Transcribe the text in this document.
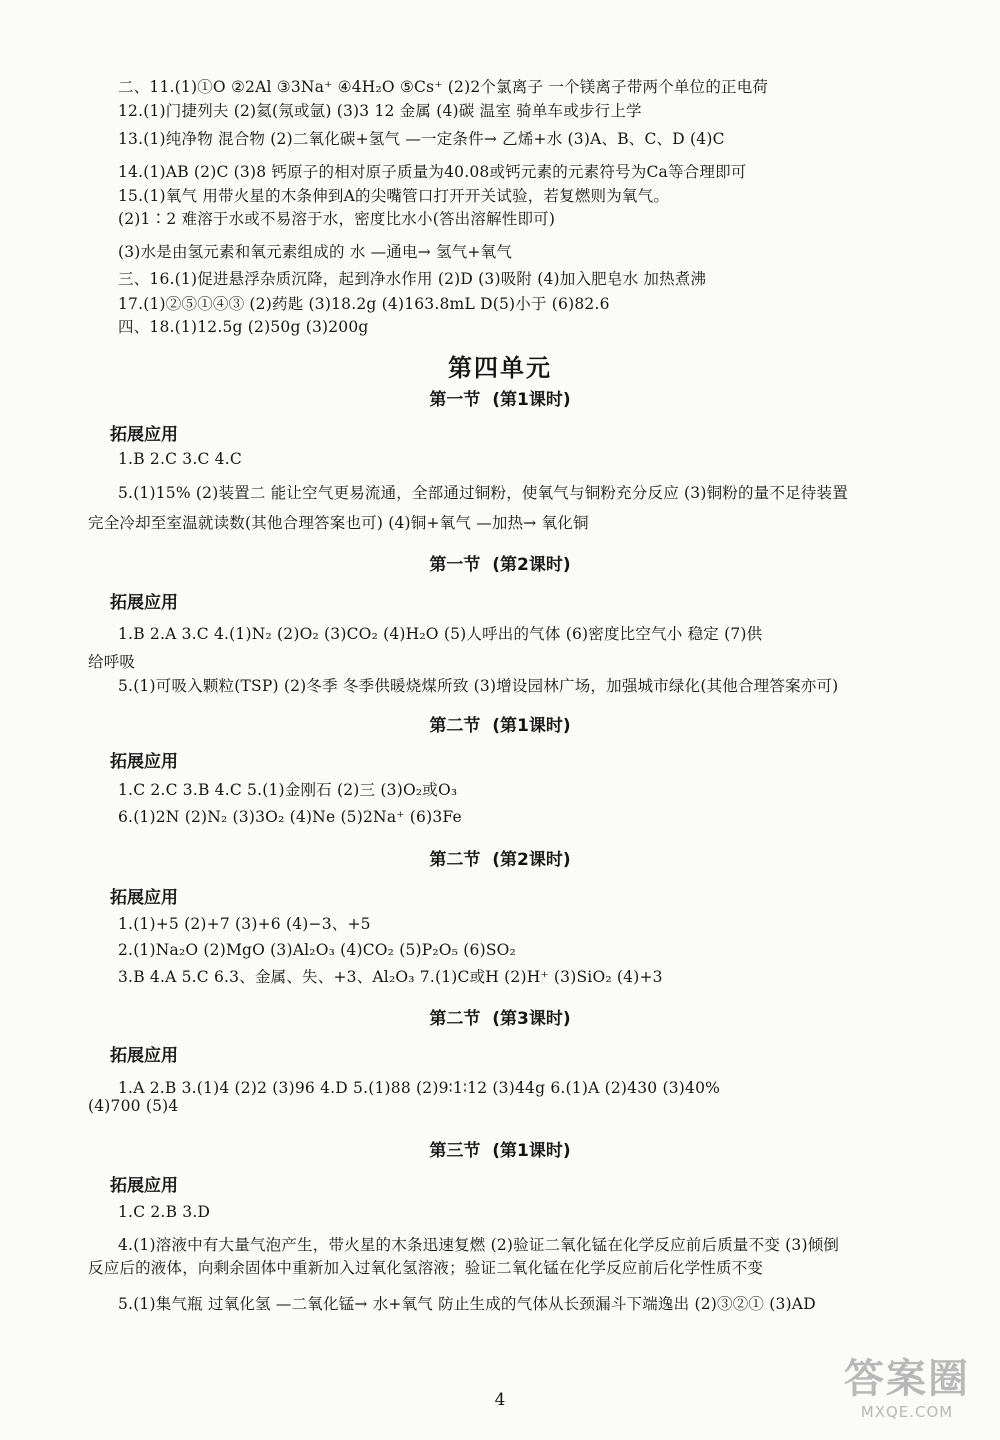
二、11.(1)①O ②2Al ③3Na⁺ ④4H₂O ⑤Cs⁺ (2)2个氯离子 一个镁离子带两个单位的正电荷

12.(1)门捷列夫 (2)氦(氖或氩) (3)3 12 金属 (4)碳 温室 骑单车或步行上学

13.(1)纯净物 混合物 (2)二氧化碳+氢气 —一定条件→ 乙烯+水 (3)A、B、C、D (4)C

14.(1)AB (2)C (3)8 钙原子的相对原子质量为40.08或钙元素的元素符号为Ca等合理即可

15.(1)氧气 用带火星的木条伸到A的尖嘴管口打开开关试验，若复燃则为氧气。

(2)1∶2 难溶于水或不易溶于水，密度比水小(答出溶解性即可)

(3)水是由氢元素和氧元素组成的 水 —通电→ 氢气+氧气

三、16.(1)促进悬浮杂质沉降，起到净水作用 (2)D (3)吸附 (4)加入肥皂水 加热煮沸

17.(1)②⑤①④③ (2)药匙 (3)18.2g (4)163.8mL D(5)小于 (6)82.6

四、18.(1)12.5g (2)50g (3)200g

第四单元
第一节 (第1课时)
拓展应用

1.B 2.C 3.C 4.C

5.(1)15% (2)装置二 能让空气更易流通，全部通过铜粉，使氧气与铜粉充分反应 (3)铜粉的量不足待装置

完全冷却至室温就读数(其他合理答案也可) (4)铜+氧气 —加热→ 氧化铜

第一节 (第2课时)
拓展应用

1.B 2.A 3.C 4.(1)N₂ (2)O₂ (3)CO₂ (4)H₂O (5)人呼出的气体 (6)密度比空气小 稳定 (7)供

给呼吸

5.(1)可吸入颗粒(TSP) (2)冬季 冬季供暖烧煤所致 (3)增设园林广场，加强城市绿化(其他合理答案亦可)

第二节 (第1课时)
拓展应用

1.C 2.C 3.B 4.C 5.(1)金刚石 (2)三 (3)O₂或O₃

6.(1)2N (2)N₂ (3)3O₂ (4)Ne (5)2Na⁺ (6)3Fe

第二节 (第2课时)
拓展应用

1.(1)+5 (2)+7 (3)+6 (4)−3、+5

2.(1)Na₂O (2)MgO (3)Al₂O₃ (4)CO₂ (5)P₂O₅ (6)SO₂

3.B 4.A 5.C 6.3、金属、失、+3、Al₂O₃ 7.(1)C或H (2)H⁺ (3)SiO₂ (4)+3

第二节 (第3课时)
拓展应用

1.A 2.B 3.(1)4 (2)2 (3)96 4.D 5.(1)88 (2)9∶1∶12 (3)44g 6.(1)A (2)430 (3)40%

(4)700 (5)4

第三节 (第1课时)
拓展应用

1.C 2.B 3.D

4.(1)溶液中有大量气泡产生，带火星的木条迅速复燃 (2)验证二氧化锰在化学反应前后质量不变 (3)倾倒

反应后的液体，向剩余固体中重新加入过氧化氢溶液；验证二氧化锰在化学反应前后化学性质不变

5.(1)集气瓶 过氧化氢 —二氧化锰→ 水+氧气 防止生成的气体从长颈漏斗下端逸出 (2)③②① (3)AD

4	答案圈
MXQE.COM
